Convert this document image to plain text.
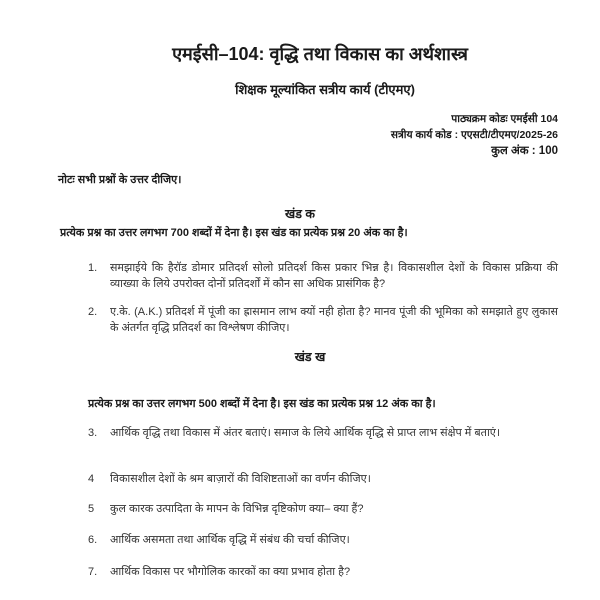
एमईसी–104: वृद्धि तथा विकास का अर्थशास्त्र
शिक्षक मूल्यांकित सत्रीय कार्य (टीएमए)
पाठ्यक्रम कोडः एमईसी 104
सत्रीय कार्य कोड : एएसटी/टीएमए/2025-26
कुल अंक : 100
नोटः सभी प्रश्नों के उत्तर दीजिए।
खंड क
प्रत्येक प्रश्न का उत्तर लगभग 700 शब्दों में देना है। इस खंड का प्रत्येक प्रश्न 20 अंक का है।
1. समझाईये कि हैरॉड डोमार प्रतिदर्श सोलो प्रतिदर्श किस प्रकार भिन्न है। विकासशील देशों के विकास प्रक्रिया की व्याख्या के लिये उपरोक्त दोनों प्रतिदर्शों में कौन सा अधिक प्रासंगिक है?
2. ए.के. (A.K.) प्रतिदर्श में पूंजी का ह्रासमान लाभ क्यों नही होता है? मानव पूंजी की भूमिका को समझाते हुए लुकास के अंतर्गत वृद्धि प्रतिदर्श का विश्लेषण कीजिए।
खंड ख
प्रत्येक प्रश्न का उत्तर लगभग 500 शब्दों में देना है। इस खंड का प्रत्येक प्रश्न 12 अंक का है।
3. आर्थिक वृद्धि तथा विकास में अंतर बताएं। समाज के लिये आर्थिक वृद्धि से प्राप्त लाभ संक्षेप में बताएं।
4 विकासशील देशों के श्रम बाज़ारों की विशिष्टताओं का वर्णन कीजिए।
5 कुल कारक उत्पादिता के मापन के विभिन्न दृष्टिकोण क्या– क्या हैं?
6. आर्थिक असमता तथा आर्थिक वृद्धि में संबंध की चर्चा कीजिए।
7. आर्थिक विकास पर भौगोलिक कारकों का क्या प्रभाव होता है?
